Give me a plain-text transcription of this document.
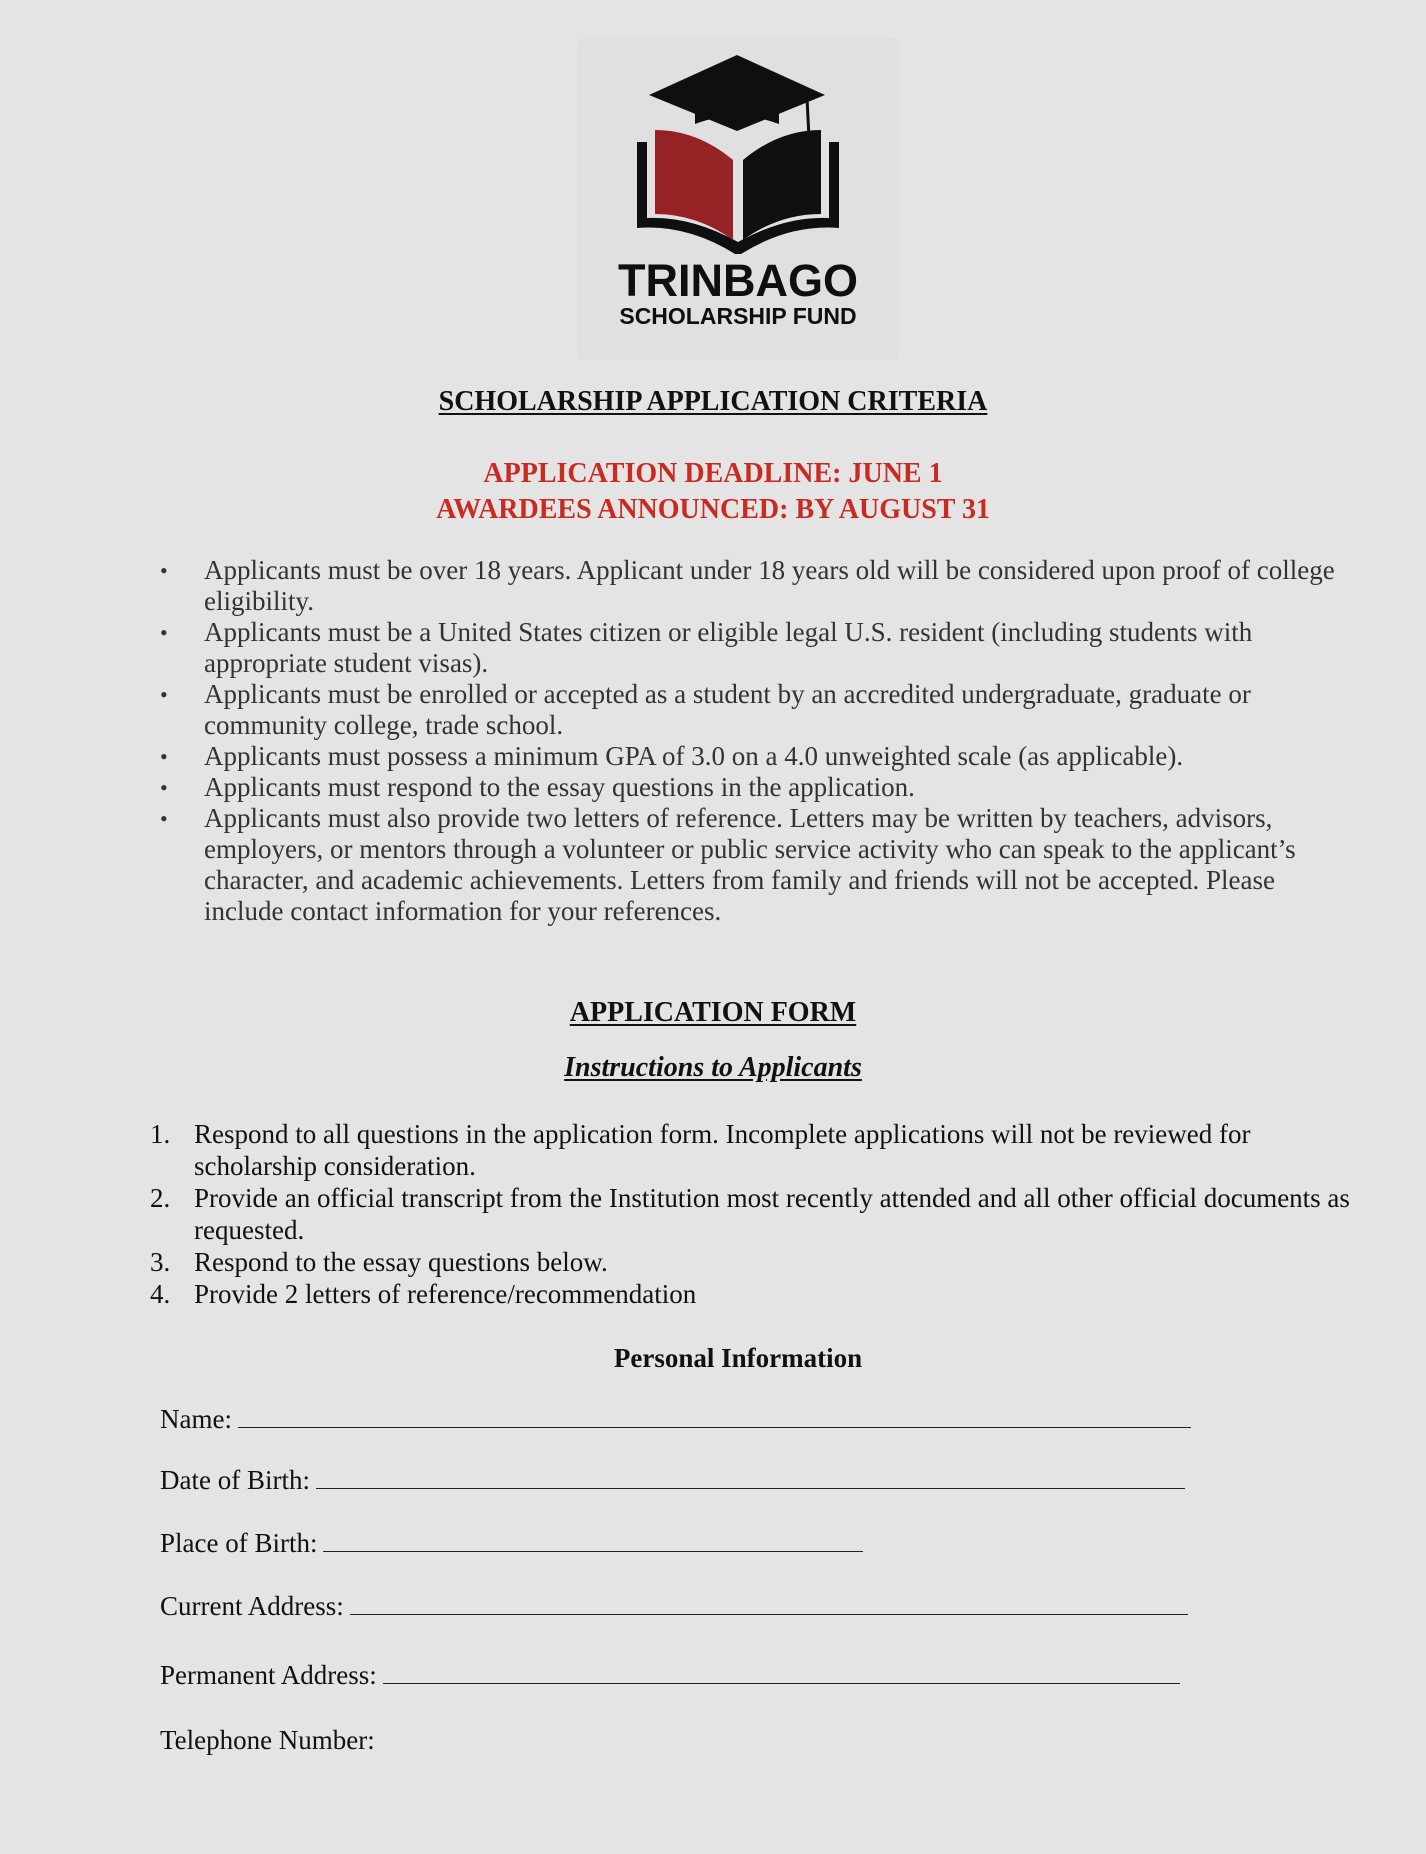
TRINBAGO
SCHOLARSHIP FUND
SCHOLARSHIP APPLICATION CRITERIA
APPLICATION DEADLINE: JUNE 1
AWARDEES ANNOUNCED: BY AUGUST 31
• Applicants must be over 18 years. Applicant under 18 years old will be considered upon proof of college eligibility.
• Applicants must be a United States citizen or eligible legal U.S. resident (including students with appropriate student visas).
• Applicants must be enrolled or accepted as a student by an accredited undergraduate, graduate or community college, trade school.
• Applicants must possess a minimum GPA of 3.0 on a 4.0 unweighted scale (as applicable).
• Applicants must respond to the essay questions in the application.
• Applicants must also provide two letters of reference. Letters may be written by teachers, advisors, employers, or mentors through a volunteer or public service activity who can speak to the applicant’s character, and academic achievements. Letters from family and friends will not be accepted. Please include contact information for your references.
APPLICATION FORM
Instructions to Applicants
1. Respond to all questions in the application form. Incomplete applications will not be reviewed for scholarship consideration.
2. Provide an official transcript from the Institution most recently attended and all other official documents as requested.
3. Respond to the essay questions below.
4. Provide 2 letters of reference/recommendation
Personal Information
Name:
Date of Birth:
Place of Birth:
Current Address:
Permanent Address:
Telephone Number:
